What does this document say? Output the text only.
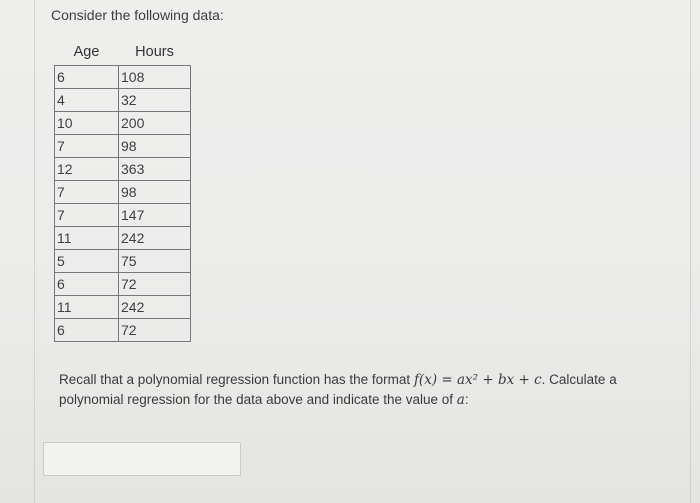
Consider the following data:
Age	Hours
6	108
4	32
10	200
7	98
12	363
7	98
7	147
11	242
5	75
6	72
11	242
6	72
Recall that a polynomial regression function has the format f(x) = ax² + bx + c. Calculate a polynomial regression for the data above and indicate the value of a:
